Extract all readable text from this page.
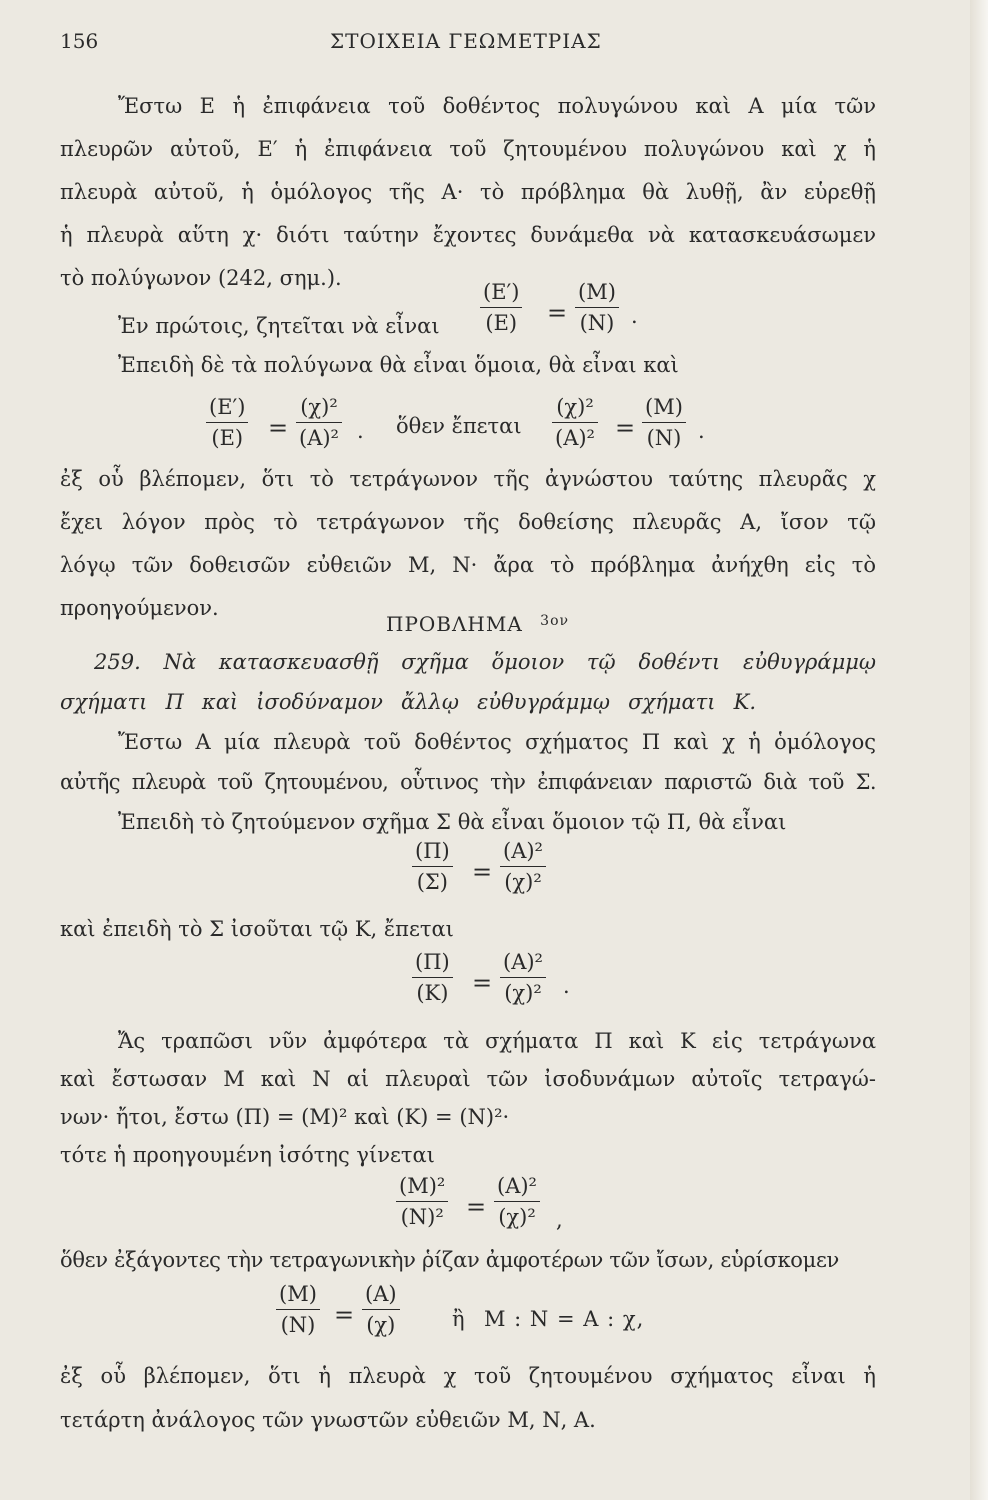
156	ΣΤΟΙΧΕΙΑ ΓΕΩΜΕΤΡΙΑΣ
Ἔστω Ε ἡ ἐπιφάνεια τοῦ δοθέντος πολυγώνου καὶ Α μία τῶν
πλευρῶν αὐτοῦ, Ε′ ἡ ἐπιφάνεια τοῦ ζητουμένου πολυγώνου καὶ χ ἡ
πλευρὰ αὐτοῦ, ἡ ὁμόλογος τῆς Α· τὸ πρόβλημα θὰ λυθῇ, ἂν εὑρεθῇ
ἡ πλευρὰ αὕτη χ· διότι ταύτην ἔχοντες δυνάμεθα νὰ κατασκευάσωμεν
τὸ πολύγωνον (242, σημ.).
Ἐν πρώτοις, ζητεῖται νὰ εἶναι $\frac{(E')}{(E)} = \frac{(M)}{(N)}$ .
Ἐπειδὴ δὲ τὰ πολύγωνα θὰ εἶναι ὅμοια, θὰ εἶναι καὶ
$\frac{(E')}{(E)} = \frac{\text{(χ)²}}{\text{(Α)²}}$ . ὅθεν ἔπεται $\frac{\text{(χ)²}}{\text{(Α)²}} = \frac{(M)}{(N)}$ .
ἐξ οὗ βλέπομεν, ὅτι τὸ τετράγωνον τῆς ἀγνώστου ταύτης πλευρᾶς χ
ἔχει λόγον πρὸς τὸ τετράγωνον τῆς δοθείσης πλευρᾶς Α, ἴσον τῷ
λόγῳ τῶν δοθεισῶν εὐθειῶν Μ, Ν· ἄρα τὸ πρόβλημα ἀνήχθη εἰς τὸ
προηγούμενον.
ΠΡΟΒΛΗΜΑ $^{3o\nu}$
259. Νὰ κατασκευασθῇ σχῆμα ὅμοιον τῷ δοθέντι εὐθυγράμμῳ
σχήματι Π καὶ ἰσοδύναμον ἄλλῳ εὐθυγράμμῳ σχήματι Κ.
Ἔστω Α μία πλευρὰ τοῦ δοθέντος σχήματος Π καὶ χ ἡ ὁμόλογος
αὐτῆς πλευρὰ τοῦ ζητουμένου, οὗτινος τὴν ἐπιφάνειαν παριστῶ διὰ τοῦ Σ.
Ἐπειδὴ τὸ ζητούμενον σχῆμα Σ θὰ εἶναι ὅμοιον τῷ Π, θὰ εἶναι
$\frac{(\Pi)}{(\Sigma)} = \frac{\text{(Α)²}}{\text{(χ)²}}$
καὶ ἐπειδὴ τὸ Σ ἰσοῦται τῷ Κ, ἔπεται
$\frac{(\Pi)}{(K)} = \frac{\text{(Α)²}}{\text{(χ)²}}$ .
Ἄς τραπῶσι νῦν ἀμφότερα τὰ σχήματα Π καὶ Κ εἰς τετράγωνα
καὶ ἔστωσαν Μ καὶ Ν αἱ πλευραὶ τῶν ἰσοδυνάμων αὐτοῖς τετραγώ-
νων· ἤτοι, ἔστω (Π) = (Μ)² καὶ (Κ) = (Ν)²·
τότε ἡ προηγουμένη ἰσότης γίνεται
$\frac{\text{(Μ)²}}{\text{(Ν)²}} = \frac{\text{(Α)²}}{\text{(χ)²}}$ ,
ὅθεν ἐξάγοντες τὴν τετραγωνικὴν ῥίζαν ἀμφοτέρων τῶν ἴσων, εὑρίσκομεν
$\frac{(M)}{(N)} = \frac{(A)}{(\chi)}$ ἢ Μ : Ν = Α : χ,
ἐξ οὗ βλέπομεν, ὅτι ἡ πλευρὰ χ τοῦ ζητουμένου σχήματος εἶναι ἡ
τετάρτη ἀνάλογος τῶν γνωστῶν εὐθειῶν Μ, Ν, Α.
